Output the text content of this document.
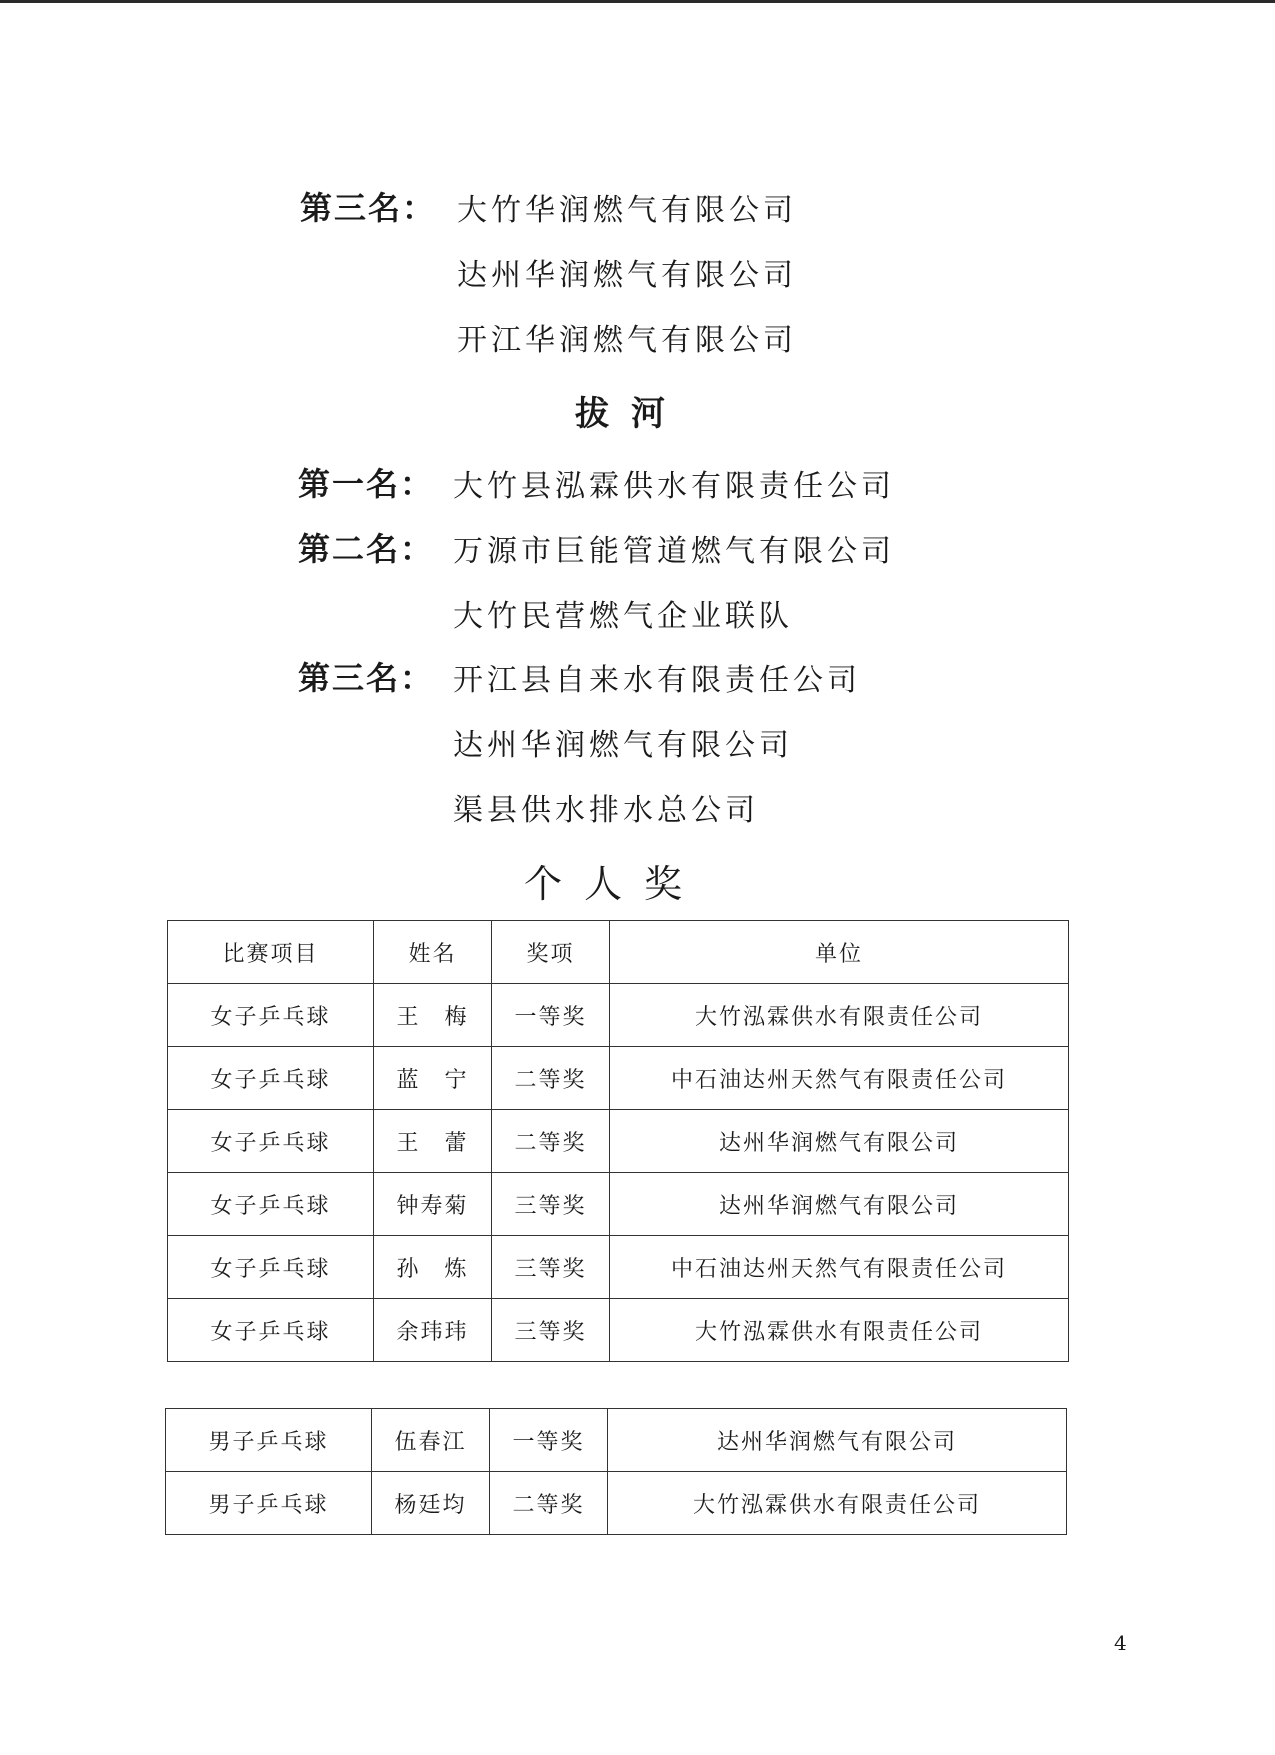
第三名： 大竹华润燃气有限公司
达州华润燃气有限公司
开江华润燃气有限公司
拔河
第一名： 大竹县泓霖供水有限责任公司
第二名： 万源市巨能管道燃气有限公司
大竹民营燃气企业联队
第三名： 开江县自来水有限责任公司
达州华润燃气有限公司
渠县供水排水总公司
个人奖
比赛项目	姓名	奖项	单位
女子乒乓球	王　梅	一等奖	大竹泓霖供水有限责任公司
女子乒乓球	蓝　宁	二等奖	中石油达州天然气有限责任公司
女子乒乓球	王　蕾	二等奖	达州华润燃气有限公司
女子乒乓球	钟寿菊	三等奖	达州华润燃气有限公司
女子乒乓球	孙　炼	三等奖	中石油达州天然气有限责任公司
女子乒乓球	余玮玮	三等奖	大竹泓霖供水有限责任公司
男子乒乓球	伍春江	一等奖	达州华润燃气有限公司
男子乒乓球	杨廷均	二等奖	大竹泓霖供水有限责任公司
4
